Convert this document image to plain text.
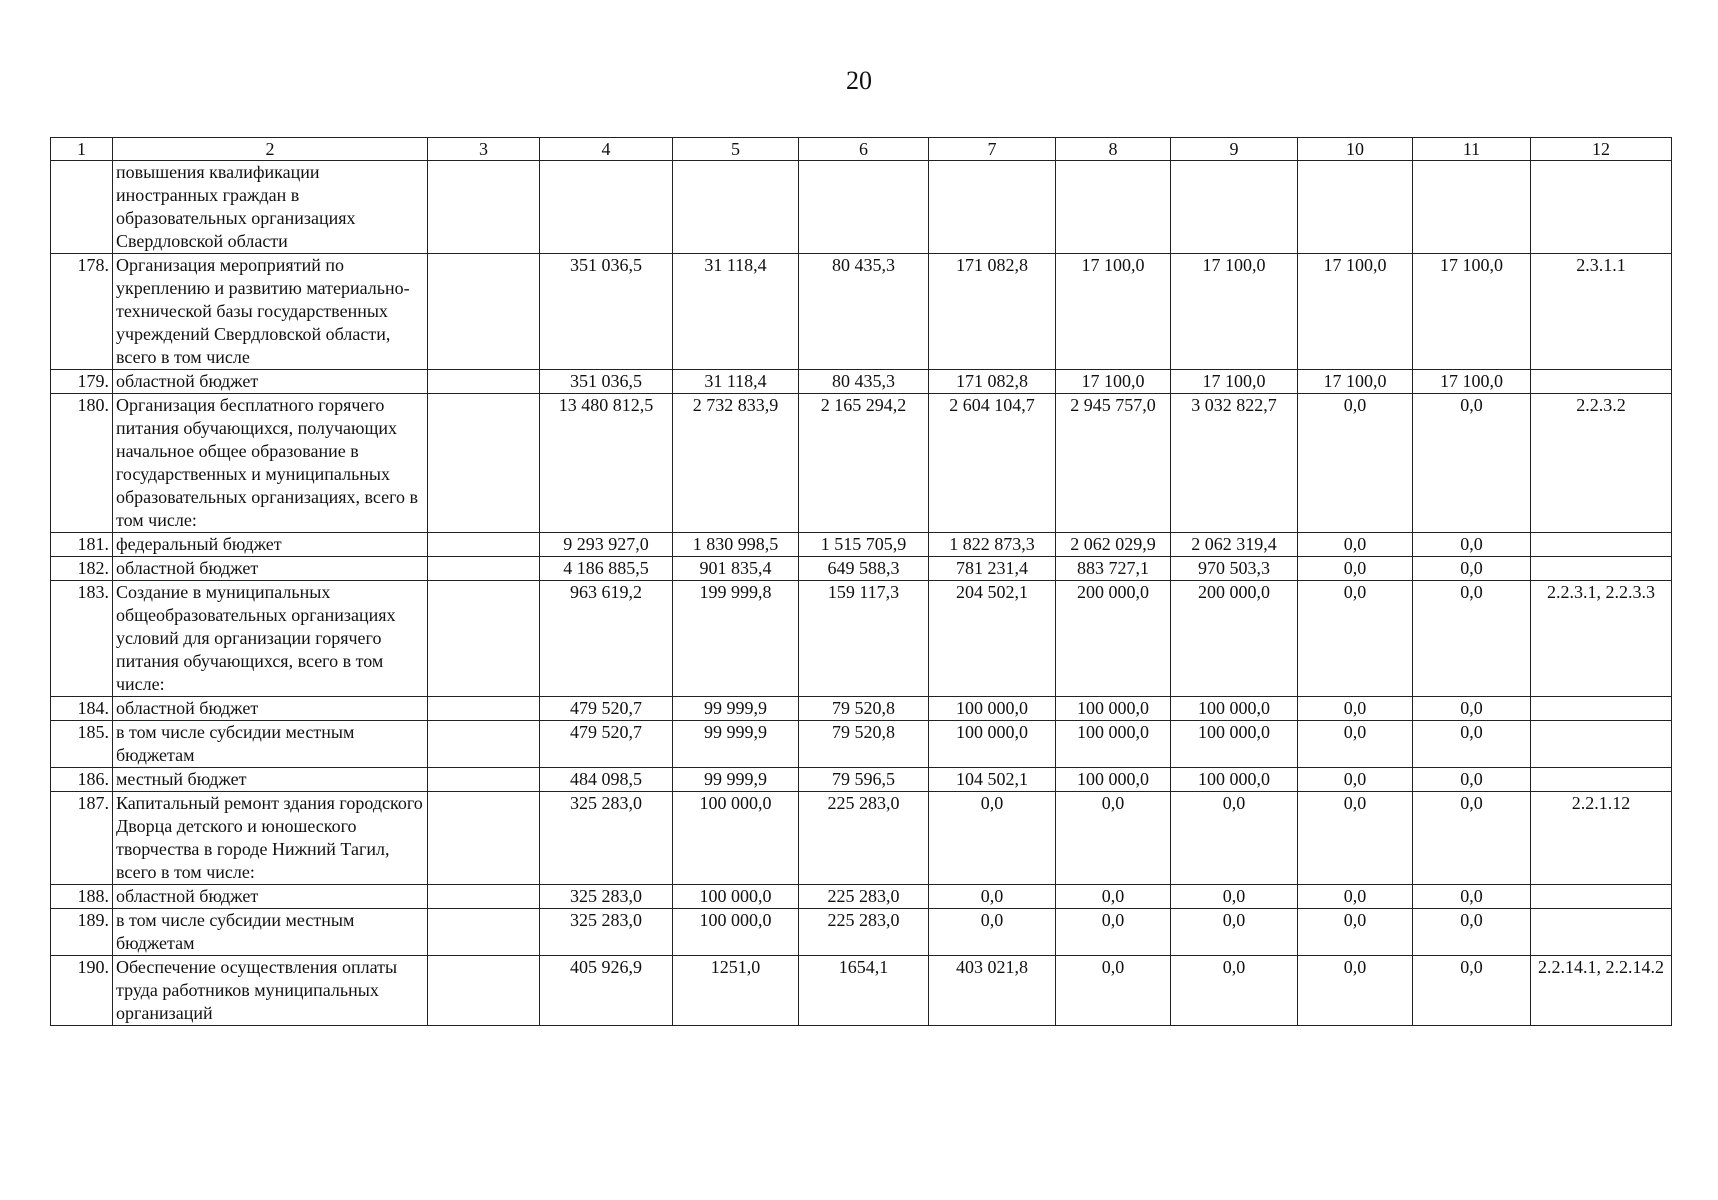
20
1	2	3	4	5	6	7	8	9	10	11	12
	повышения квалификации иностранных граждан в образовательных организациях Свердловской области										
178.	Организация мероприятий по укреплению и развитию материально-технической базы государственных учреждений Свердловской области, всего в том числе		351 036,5	31 118,4	80 435,3	171 082,8	17 100,0	17 100,0	17 100,0	17 100,0	2.3.1.1
179.	областной бюджет		351 036,5	31 118,4	80 435,3	171 082,8	17 100,0	17 100,0	17 100,0	17 100,0	
180.	Организация бесплатного горячего питания обучающихся, получающих начальное общее образование в государственных и муниципальных образовательных организациях, всего в том числе:		13 480 812,5	2 732 833,9	2 165 294,2	2 604 104,7	2 945 757,0	3 032 822,7	0,0	0,0	2.2.3.2
181.	федеральный бюджет		9 293 927,0	1 830 998,5	1 515 705,9	1 822 873,3	2 062 029,9	2 062 319,4	0,0	0,0	
182.	областной бюджет		4 186 885,5	901 835,4	649 588,3	781 231,4	883 727,1	970 503,3	0,0	0,0	
183.	Создание в муниципальных общеобразовательных организациях условий для организации горячего питания обучающихся, всего в том числе:		963 619,2	199 999,8	159 117,3	204 502,1	200 000,0	200 000,0	0,0	0,0	2.2.3.1, 2.2.3.3
184.	областной бюджет		479 520,7	99 999,9	79 520,8	100 000,0	100 000,0	100 000,0	0,0	0,0	
185.	в том числе субсидии местным бюджетам		479 520,7	99 999,9	79 520,8	100 000,0	100 000,0	100 000,0	0,0	0,0	
186.	местный бюджет		484 098,5	99 999,9	79 596,5	104 502,1	100 000,0	100 000,0	0,0	0,0	
187.	Капитальный ремонт здания городского Дворца детского и юношеского творчества в городе Нижний Тагил, всего в том числе:		325 283,0	100 000,0	225 283,0	0,0	0,0	0,0	0,0	0,0	2.2.1.12
188.	областной бюджет		325 283,0	100 000,0	225 283,0	0,0	0,0	0,0	0,0	0,0	
189.	в том числе субсидии местным бюджетам		325 283,0	100 000,0	225 283,0	0,0	0,0	0,0	0,0	0,0	
190.	Обеспечение осуществления оплаты труда работников муниципальных организаций		405 926,9	1251,0	1654,1	403 021,8	0,0	0,0	0,0	0,0	2.2.14.1, 2.2.14.2
